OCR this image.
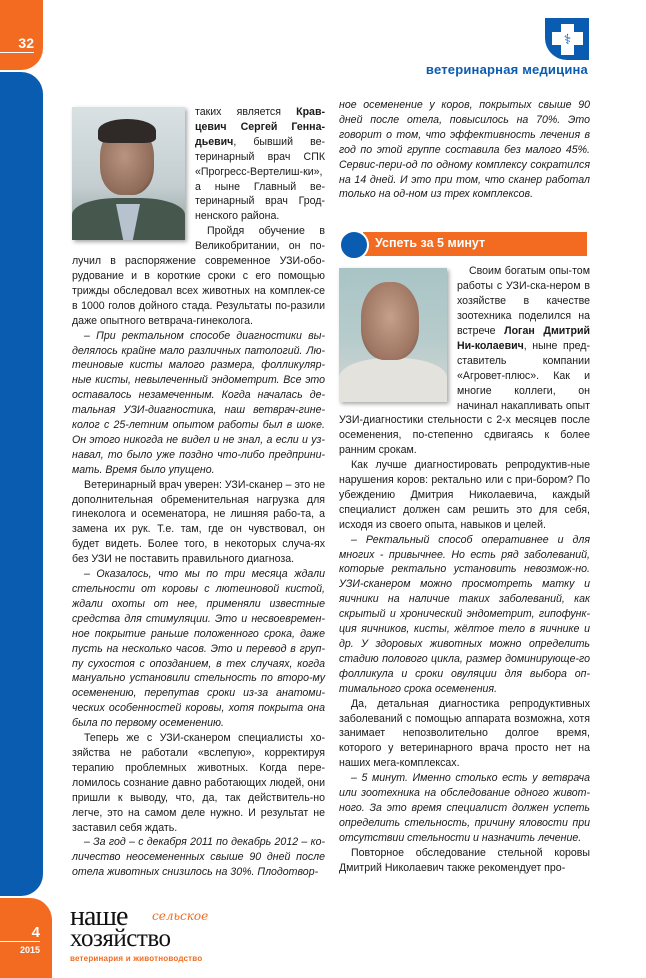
32
4
2015
⚕
ветеринарная медицина

таких является Крав-цевич Сергей Генна-дьевич, бывший ве-теринарный врач СПК «Прогресс-Вертелиш-ки», а ныне Главный ве-теринарный врач Грод-ненского района.

Пройдя обучение в Великобритании, он по-лучил в распоряжение современное УЗИ-обо-рудование и в короткие сроки с его помощью трижды обследовал всех животных на комплек-се в 1000 голов дойного стада. Результаты по-разили даже опытного ветврача-гинеколога.

– При ректальном способе диагностики вы-делялось крайне мало различных патологий. Лю-теиновые кисты малого размера, фолликуляр-ные кисты, невылеченный эндометрит. Все это оставалось незамеченным. Когда началась де-тальная УЗИ-диагностика, наш ветврач-гине-колог с 25-летним опытом работы был в шоке. Он этого никогда не видел и не знал, а если и уз-навал, то было уже поздно что-либо предприни-мать. Время было упущено.

Ветеринарный врач уверен: УЗИ-сканер – это не дополнительная обременительная нагрузка для гинеколога и осеменатора, не лишняя рабо-та, а замена их рук. Т.е. там, где он чувствовал, он будет видеть. Более того, в некоторых случа-ях без УЗИ не поставить правильного диагноза.

– Оказалось, что мы по три месяца ждали стельности от коровы с лютеиновой кистой, ждали охоты от нее, применяли известные средства для стимуляции. Это и несвоевремен-ное покрытие раньше положенного срока, даже пусть на несколько часов. Это и перевод в груп-пу сухостоя с опозданием, в тех случаях, когда мануально установили стельность по второ-му осеменению, перепутав сроки из-за анатоми-ческих особенностей коровы, хотя покрыта она была по первому осеменению.

Теперь же с УЗИ-сканером специалисты хо-зяйства не работали «вслепую», корректируя терапию проблемных животных. Когда пере-ломилось сознание давно работающих людей, они пришли к выводу, что, да, так действитель-но легче, это на самом деле нужно. И результат не заставил себя ждать.

– За год – с декабря 2011 по декабрь 2012 – ко-личество неосемененных свыше 90 дней после отела животных снизилось на 30%. Плодотвор-

ное осеменение у коров, покрытых свыше 90 дней после отела, повысилось на 70%. Это говорит о том, что эффективность лечения в год по этой группе составила без малого 45%. Сервис-пери-од по одному комплексу сократился на 14 дней. И это при том, что сканер работал только на од-ном из трех комплексов.

Успеть за 5 минут

Своим богатым опы-том работы с УЗИ-ска-нером в хозяйстве в качестве зоотехника поделился на встрече Логан Дмитрий Ни-колаевич, ныне пред-ставитель компании «Агровет-плюс». Как и многие коллеги, он начинал накапливать опыт УЗИ-диагностики стельности с 2-х месяцев после осеменения, по-степенно сдвигаясь к более ранним срокам.

Как лучше диагностировать репродуктив-ные нарушения коров: ректально или с при-бором? По убеждению Дмитрия Николаевича, каждый специалист должен сам решить это для себя, исходя из своего опыта, навыков и целей.

– Ректальный способ оперативнее и для многих - привычнее. Но есть ряд заболеваний, которые ректально установить невозмож-но. УЗИ-сканером можно просмотреть матку и яичники на наличие таких заболеваний, как скрытый и хронический эндометрит, гипофунк-ция яичников, кисты, жёлтое тело в яичнике и др. У здоровых животных можно определить стадию полового цикла, размер доминирующе-го фолликула и сроки овуляции для выбора оп-тимального срока осеменения.

Да, детальная диагностика репродуктивных заболеваний с помощью аппарата возможна, хотя занимает непозволительно долгое время, которого у ветеринарного врача просто нет на наших мега-комплексах.

– 5 минут. Именно столько есть у ветврача или зоотехника на обследование одного живот-ного. За это время специалист должен успеть определить стельность, причину яловости при отсутствии стельности и назначить лечение.

Повторное обследование стельной коровы Дмитрий Николаевич также рекомендует про-

наше сельское
хозяйство
ветеринария и животноводство
